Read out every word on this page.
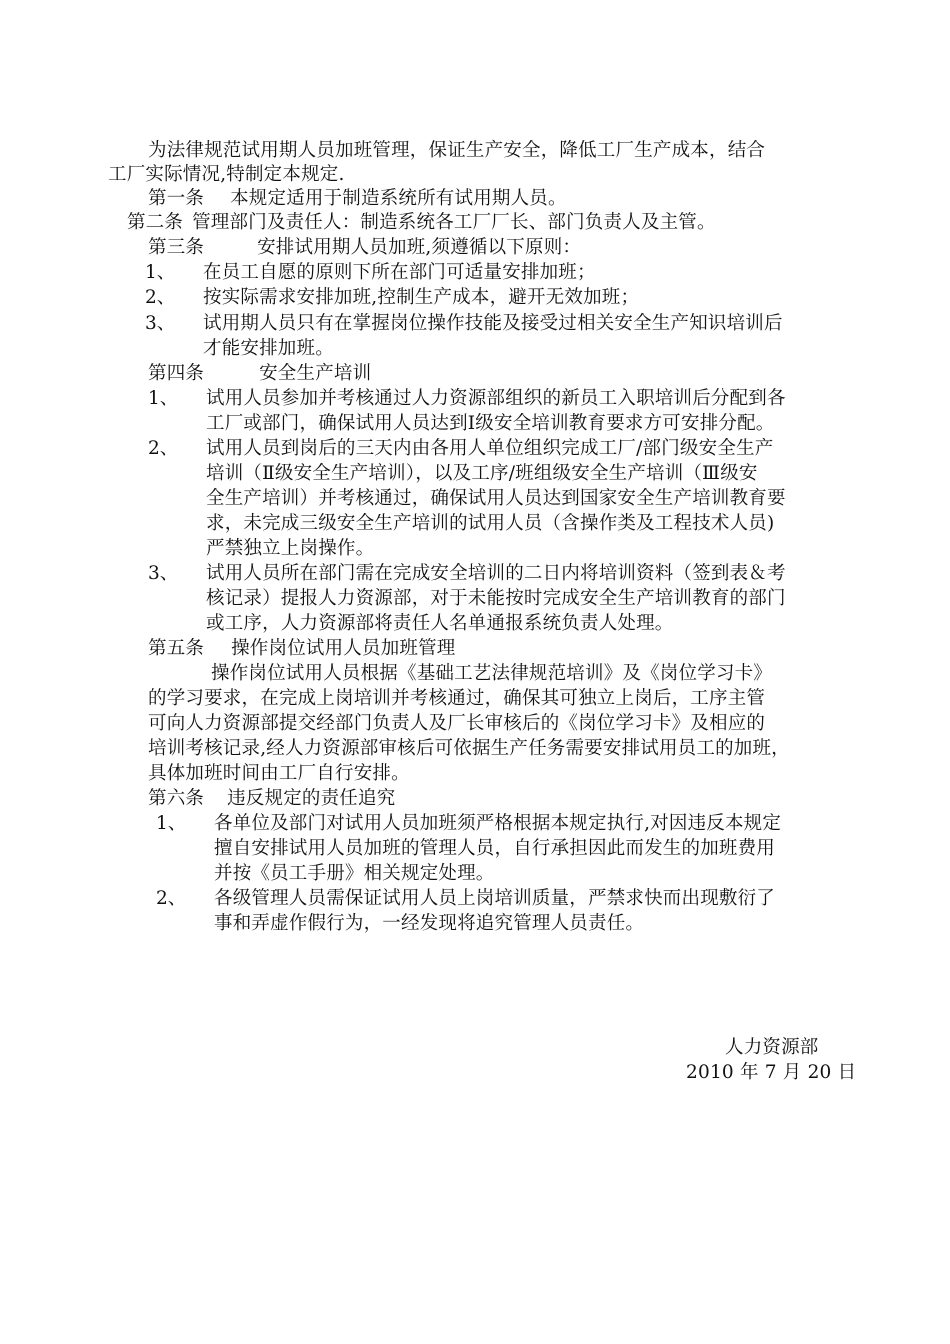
为法律规范试用期人员加班管理，保证生产安全，降低工厂生产成本，结合
工厂实际情况,特制定本规定.
第一条 本规定适用于制造系统所有试用期人员。
第二条 管理部门及责任人：制造系统各工厂厂长、部门负责人及主管。
第三条	安排试用期人员加班,须遵循以下原则：
1、 在员工自愿的原则下所在部门可适量安排加班；
2、 按实际需求安排加班,控制生产成本，避开无效加班；
3、 试用期人员只有在掌握岗位操作技能及接受过相关安全生产知识培训后
才能安排加班。
第四条	安全生产培训
1、 试用人员参加并考核通过人力资源部组织的新员工入职培训后分配到各
工厂或部门，确保试用人员达到Ⅰ级安全培训教育要求方可安排分配。
2、 试用人员到岗后的三天内由各用人单位组织完成工厂/部门级安全生产
培训（Ⅱ级安全生产培训），以及工序/班组级安全生产培训（Ⅲ级安
全生产培训）并考核通过，确保试用人员达到国家安全生产培训教育要
求，未完成三级安全生产培训的试用人员（含操作类及工程技术人员)
严禁独立上岗操作。
3、 试用人员所在部门需在完成安全培训的二日内将培训资料（签到表＆考
核记录）提报人力资源部，对于未能按时完成安全生产培训教育的部门
或工序，人力资源部将责任人名单通报系统负责人处理。
第五条 操作岗位试用人员加班管理
操作岗位试用人员根据《基础工艺法律规范培训》及《岗位学习卡》
的学习要求，在完成上岗培训并考核通过，确保其可独立上岗后，工序主管
可向人力资源部提交经部门负责人及厂长审核后的《岗位学习卡》及相应的
培训考核记录,经人力资源部审核后可依据生产任务需要安排试用员工的加班，
具体加班时间由工厂自行安排。
第六条 违反规定的责任追究
1、 各单位及部门对试用人员加班须严格根据本规定执行,对因违反本规定
擅自安排试用人员加班的管理人员，自行承担因此而发生的加班费用
并按《员工手册》相关规定处理。
2、 各级管理人员需保证试用人员上岗培训质量，严禁求快而出现敷衍了
事和弄虚作假行为，一经发现将追究管理人员责任。
人力资源部
2010 年 7 月 20 日
